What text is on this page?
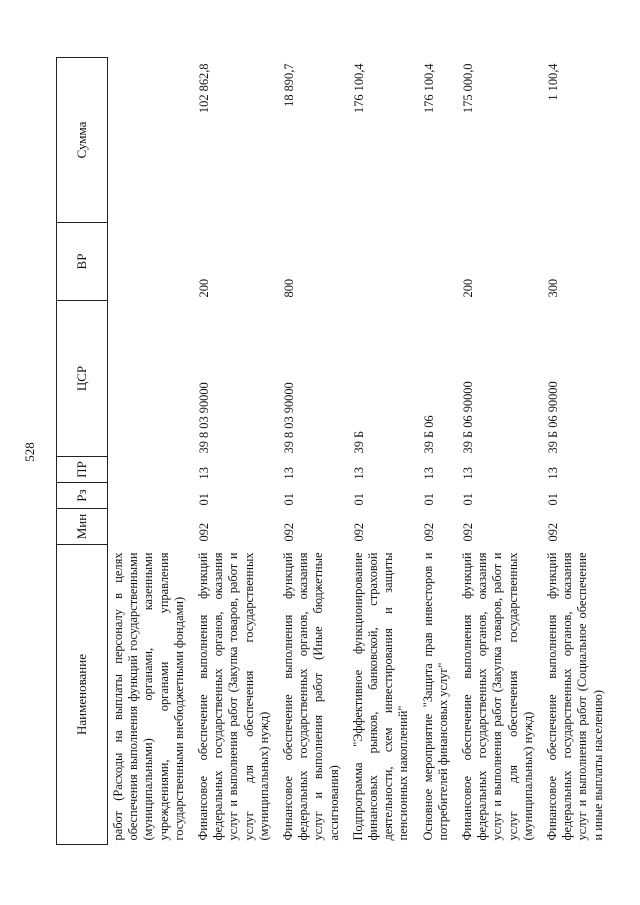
528
Наименование	Мин	Рз	ПР	ЦСР	ВР	Сумма
работ (Расходы на выплаты персоналу в целях обеспечения выполнения функций государственными (муниципальными) органами, казенными учреждениями, органами управления государственными внебюджетными фондами)						
Финансовое обеспечение выполнения функций федеральных государственных органов, оказания услуг и выполнения работ (Закупка товаров, работ и услуг для обеспечения государственных (муниципальных) нужд)	092	01	13	39 8 03 90000	200	102 862,8
Финансовое обеспечение выполнения функций федеральных государственных органов, оказания услуг и выполнения работ (Иные бюджетные ассигнования)	092	01	13	39 8 03 90000	800	18 890,7
Подпрограмма "Эффективное функционирование финансовых рынков, банковской, страховой деятельности, схем инвестирования и защиты пенсионных накоплений"	092	01	13	39 Б		176 100,4
Основное мероприятие "Защита прав инвесторов и потребителей финансовых услуг"	092	01	13	39 Б 06		176 100,4
Финансовое обеспечение выполнения функций федеральных государственных органов, оказания услуг и выполнения работ (Закупка товаров, работ и услуг для обеспечения государственных (муниципальных) нужд)	092	01	13	39 Б 06 90000	200	175 000,0
Финансовое обеспечение выполнения функций федеральных государственных органов, оказания услуг и выполнения работ (Социальное обеспечение и иные выплаты населению)	092	01	13	39 Б 06 90000	300	1 100,4
